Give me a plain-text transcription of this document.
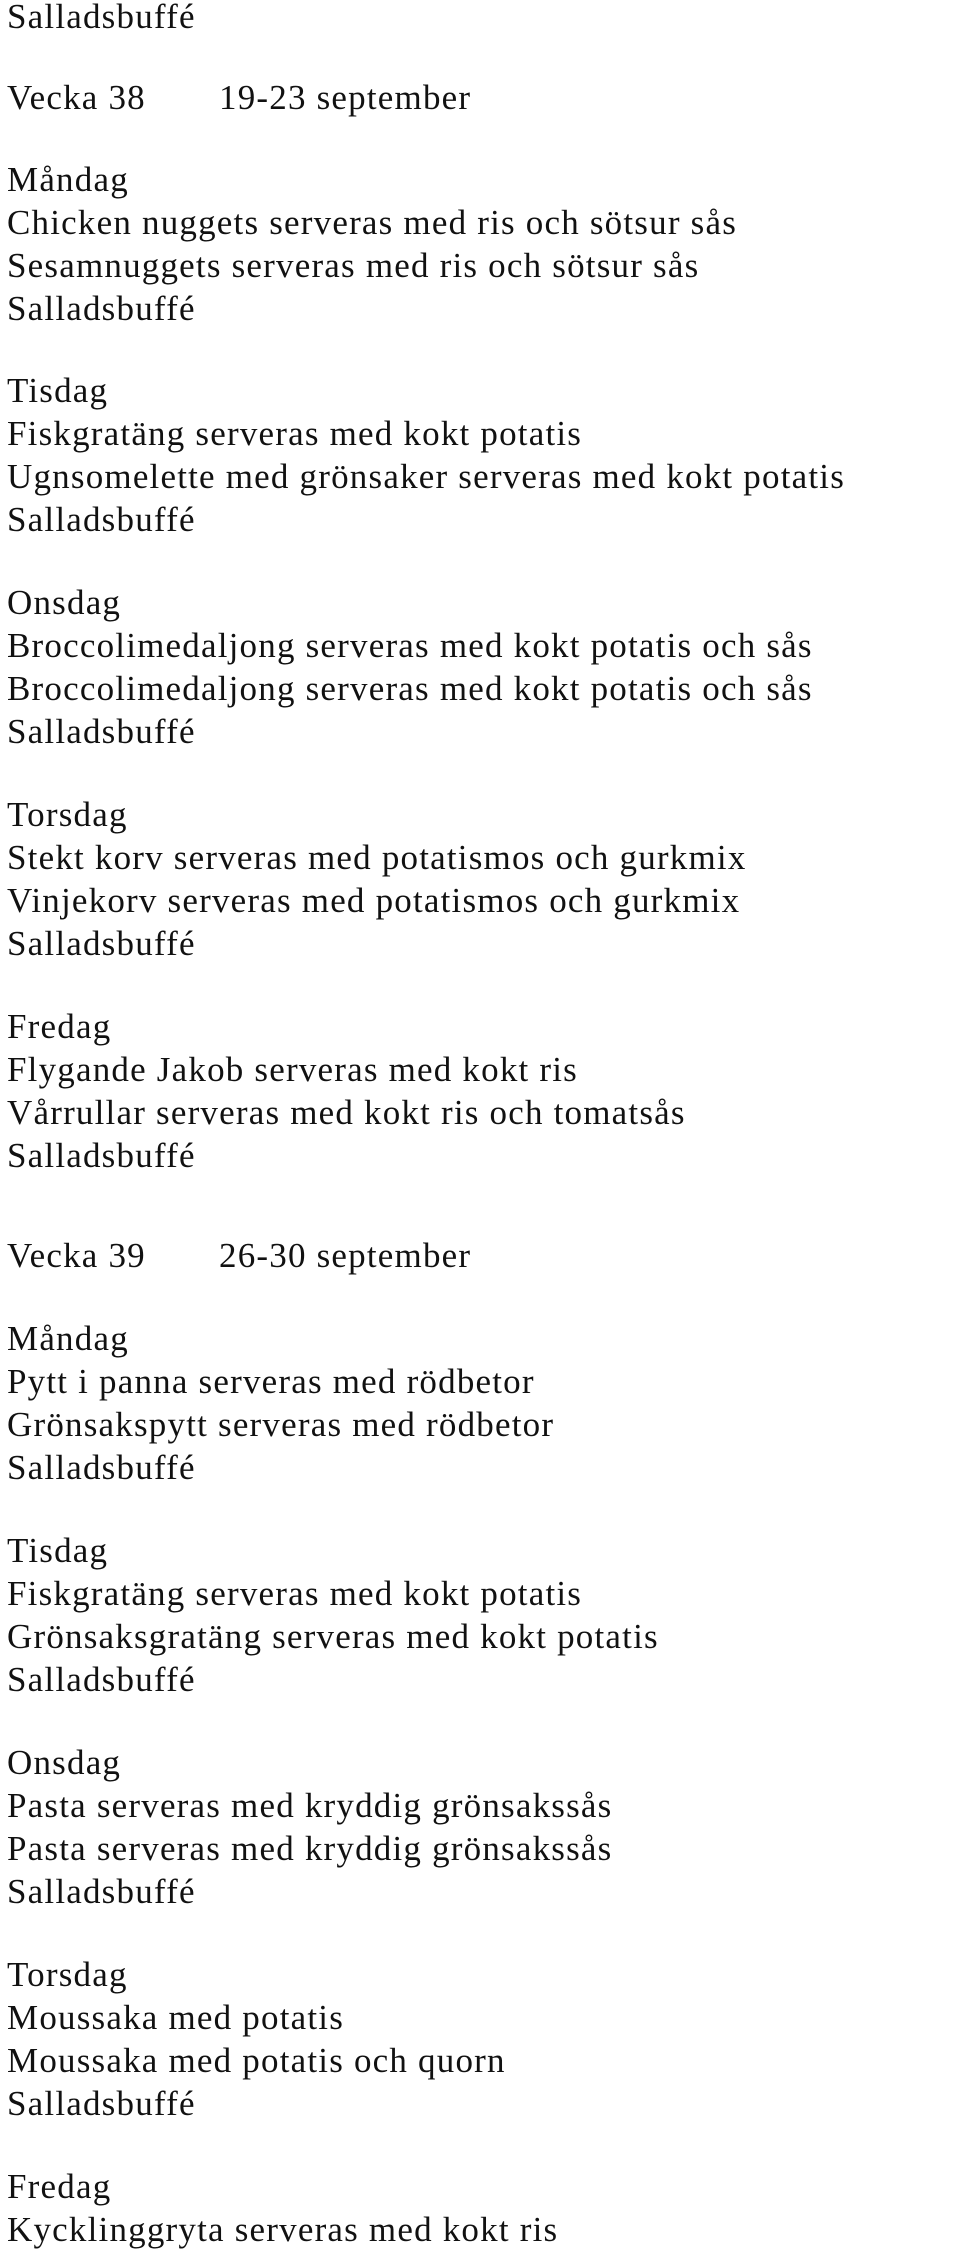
Salladsbuffé
Vecka 38 19-23 september
Måndag
Chicken nuggets serveras med ris och sötsur sås
Sesamnuggets serveras med ris och sötsur sås
Salladsbuffé
Tisdag
Fiskgratäng serveras med kokt potatis
Ugnsomelette med grönsaker serveras med kokt potatis
Salladsbuffé
Onsdag
Broccolimedaljong serveras med kokt potatis och sås
Broccolimedaljong serveras med kokt potatis och sås
Salladsbuffé
Torsdag
Stekt korv serveras med potatismos och gurkmix
Vinjekorv serveras med potatismos och gurkmix
Salladsbuffé
Fredag
Flygande Jakob serveras med kokt ris
Vårrullar serveras med kokt ris och tomatsås
Salladsbuffé
Vecka 39 26-30 september
Måndag
Pytt i panna serveras med rödbetor
Grönsakspytt serveras med rödbetor
Salladsbuffé
Tisdag
Fiskgratäng serveras med kokt potatis
Grönsaksgratäng serveras med kokt potatis
Salladsbuffé
Onsdag
Pasta serveras med kryddig grönsakssås
Pasta serveras med kryddig grönsakssås
Salladsbuffé
Torsdag
Moussaka med potatis
Moussaka med potatis och quorn
Salladsbuffé
Fredag
Kycklinggryta serveras med kokt ris
